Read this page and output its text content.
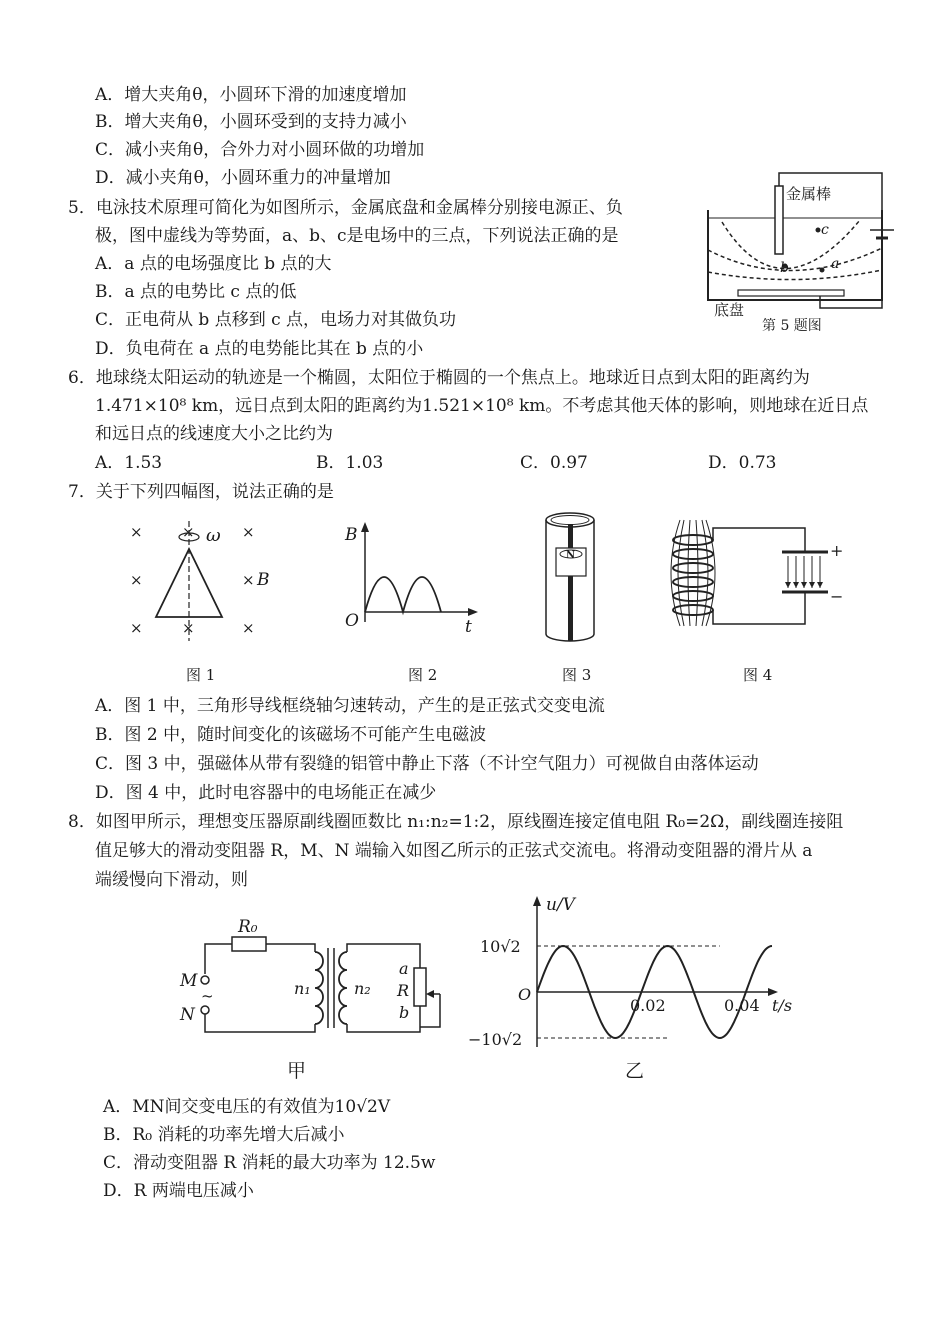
A．增大夹角θ，小圆环下滑的加速度增加
B．增大夹角θ，小圆环受到的支持力减小
C．减小夹角θ，合外力对小圆环做的功增加
D．减小夹角θ，小圆环重力的冲量增加
5．电泳技术原理可简化为如图所示，金属底盘和金属棒分别接电源正、负
极，图中虚线为等势面，a、b、c是电场中的三点，下列说法正确的是
A．a 点的电场强度比 b 点的大
B．a 点的电势比 c 点的低
C．正电荷从 b 点移到 c 点，电场力对其做负功
D．负电荷在 a 点的电势能比其在 b 点的小
c
b	a
金属棒
底盘
第 5 题图
6．地球绕太阳运动的轨迹是一个椭圆，太阳位于椭圆的一个焦点上。地球近日点到太阳的距离约为
1.471×10⁸ km，远日点到太阳的距离约为1.521×10⁸ km。不考虑其他天体的影响，则地球在近日点
和远日点的线速度大小之比约为
A．1.53	B．1.03	C．0.97	D．0.73
7．关于下列四幅图，说法正确的是
×	×	×
×	×
×	×	×
ω
B
图 1
B
O	t
图 2
N
图 3
+
−
图 4
A．图 1 中，三角形导线框绕轴匀速转动，产生的是正弦式交变电流
B．图 2 中，随时间变化的该磁场不可能产生电磁波
C．图 3 中，强磁体从带有裂缝的铝管中静止下落（不计空气阻力）可视做自由落体运动
D．图 4 中，此时电容器中的电场能正在减少
8．如图甲所示，理想变压器原副线圈匝数比 n₁:n₂=1:2，原线圈连接定值电阻 R₀=2Ω，副线圈连接阻
值足够大的滑动变阻器 R，M、N 端输入如图乙所示的正弦式交流电。将滑动变阻器的滑片从 a
端缓慢向下滑动，则
R₀
M
~
N
n₁	n₂
a
R
b
甲
u/V
t/s
O
10√2
−10√2
0.02	0.04
乙
A．MN间交变电压的有效值为10√2V
B．R₀ 消耗的功率先增大后减小
C．滑动变阻器 R 消耗的最大功率为 12.5w
D．R 两端电压减小
